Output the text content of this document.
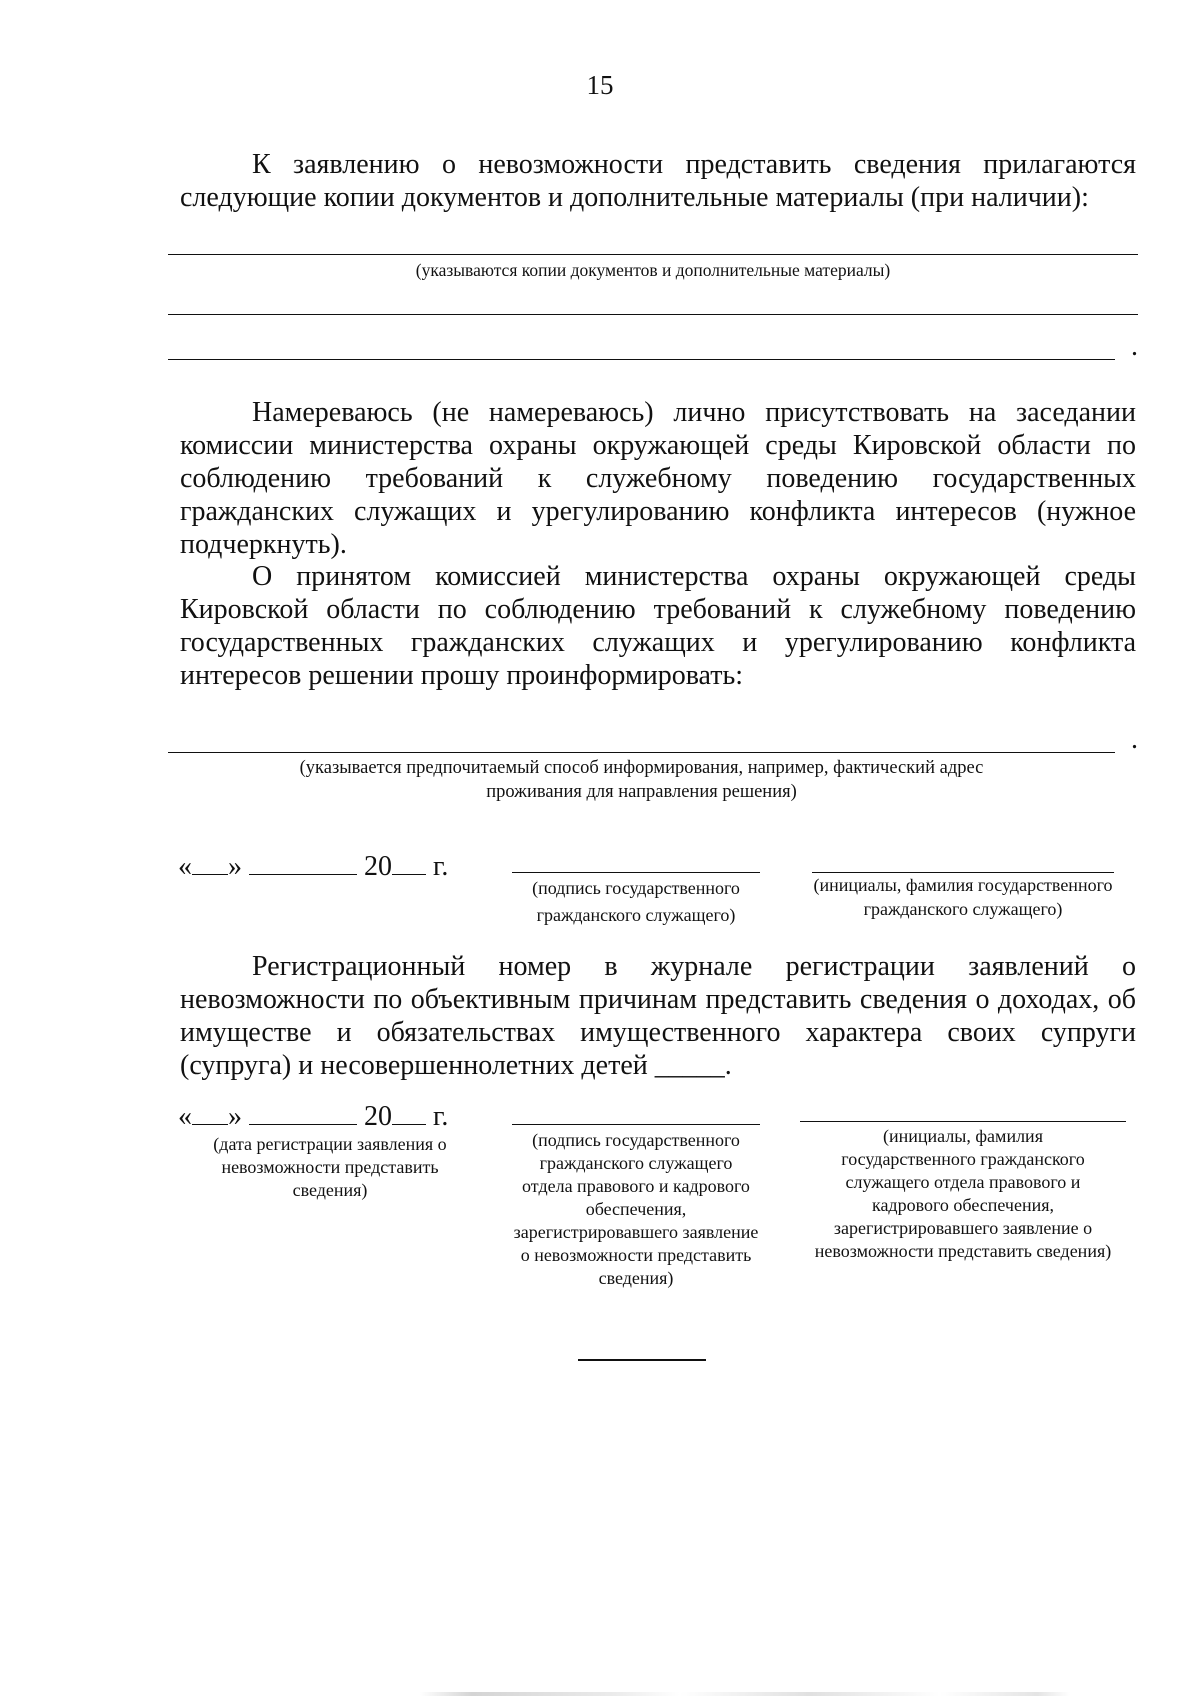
15
К заявлению о невозможности представить сведения прилагаются следующие копии документов и дополнительные материалы (при наличии):
(указываются копии документов и дополнительные материалы)
.
Намереваюсь (не намереваюсь) лично присутствовать на заседании комиссии министерства охраны окружающей среды Кировской области по соблюдению требований к служебному поведению государственных гражданских служащих и урегулированию конфликта интересов (нужное подчеркнуть).
О принятом комиссией министерства охраны окружающей среды Кировской области по соблюдению требований к служебному поведению государственных гражданских служащих и урегулированию конфликта интересов решении прошу проинформировать:
.
(указывается предпочитаемый способ информирования, например, фактический адрес
проживания для направления решения)
« »	20 г.
(подпись государственного
гражданского служащего)
(инициалы, фамилия государственного
гражданского служащего)
Регистрационный номер в журнале регистрации заявлений о невозможности по объективным причинам представить сведения о доходах, об имуществе и обязательствах имущественного характера своих супруги (супруга) и несовершеннолетних детей _____.
« »	20 г.
(дата регистрации заявления о
невозможности представить
сведения)
(подпись государственного
гражданского служащего
отдела правового и кадрового
обеспечения,
зарегистрировавшего заявление
о невозможности представить
сведения)
(инициалы, фамилия
государственного гражданского
служащего отдела правового и
кадрового обеспечения,
зарегистрировавшего заявление о
невозможности представить сведения)
